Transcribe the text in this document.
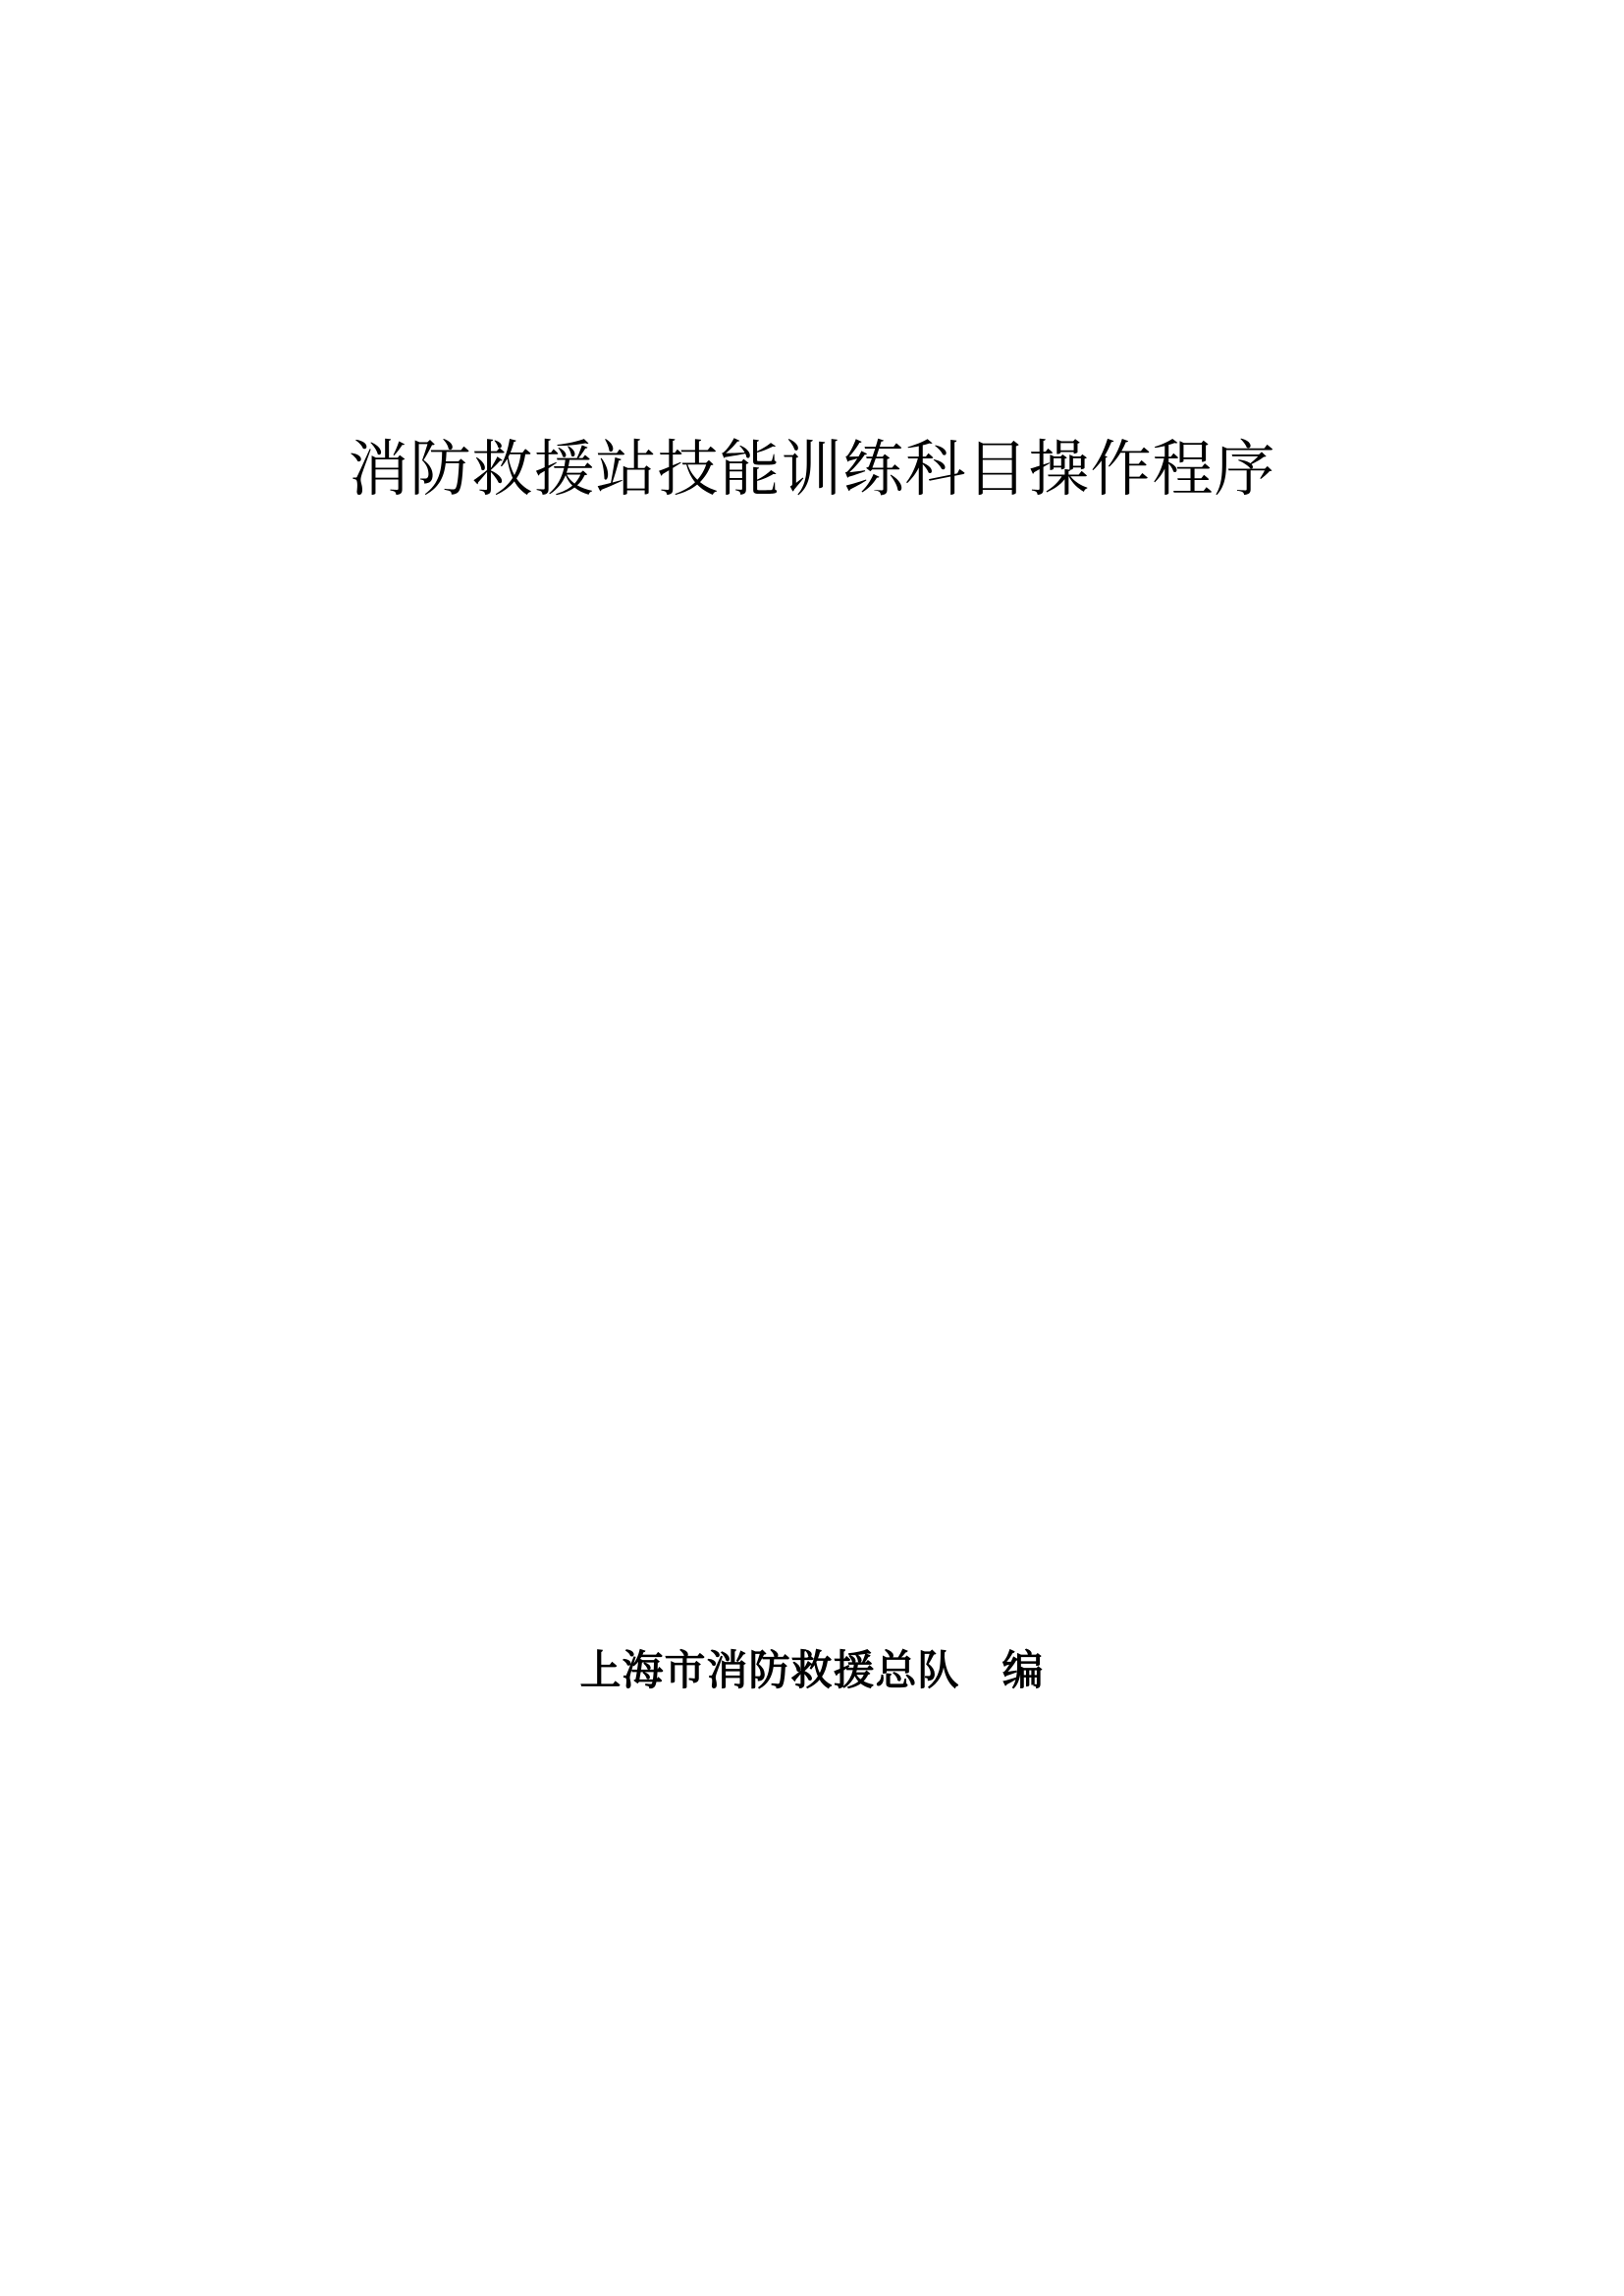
消防救援站技能训练科目操作程序
上海市消防救援总队　编
